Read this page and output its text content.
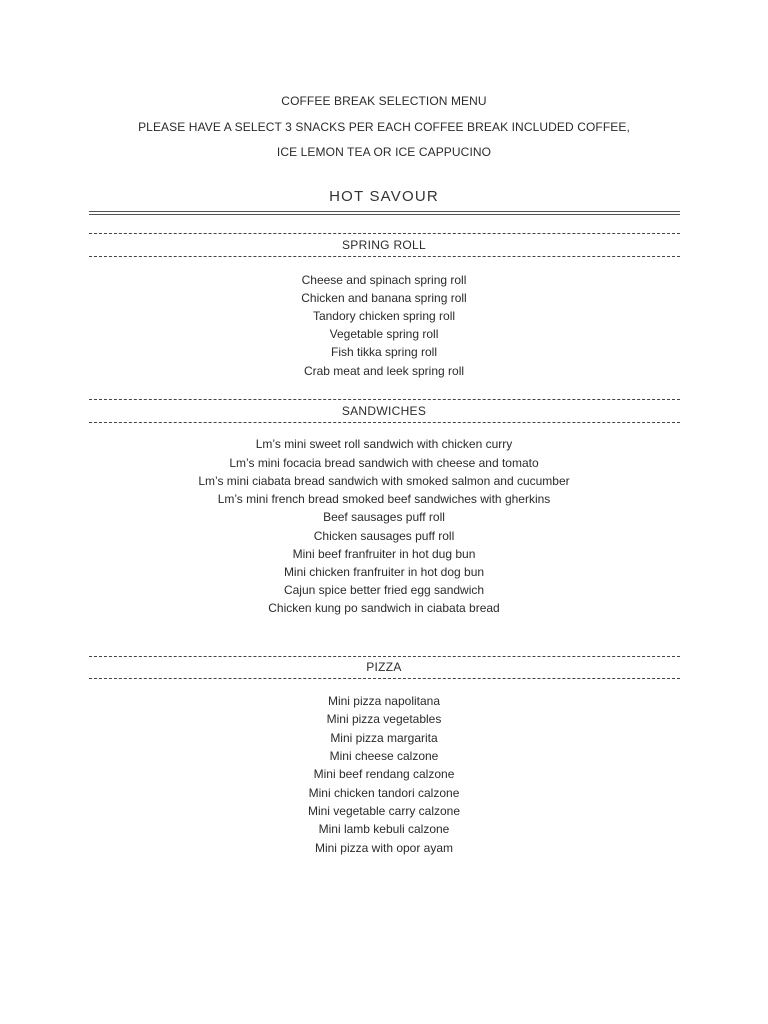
COFFEE BREAK SELECTION MENU
PLEASE HAVE A SELECT 3 SNACKS PER EACH COFFEE BREAK INCLUDED COFFEE,
ICE LEMON TEA OR ICE CAPPUCINO
HOT SAVOUR
SPRING ROLL
Cheese and spinach spring roll
Chicken and banana spring roll
Tandory chicken spring roll
Vegetable spring roll
Fish tikka spring roll
Crab meat and leek spring roll
SANDWICHES
Lm’s mini sweet roll sandwich with chicken curry
Lm’s mini focacia bread sandwich with cheese and tomato
Lm’s mini ciabata bread sandwich with smoked salmon and cucumber
Lm’s mini french bread smoked beef sandwiches with gherkins
Beef sausages puff roll
Chicken sausages puff roll
Mini beef franfruiter in hot dug bun
Mini chicken franfruiter in hot dog bun
Cajun spice better fried egg sandwich
Chicken kung po sandwich in ciabata bread
PIZZA
Mini pizza napolitana
Mini pizza vegetables
Mini pizza margarita
Mini cheese calzone
Mini beef rendang calzone
Mini chicken tandori calzone
Mini vegetable carry calzone
Mini lamb kebuli calzone
Mini pizza with opor ayam
